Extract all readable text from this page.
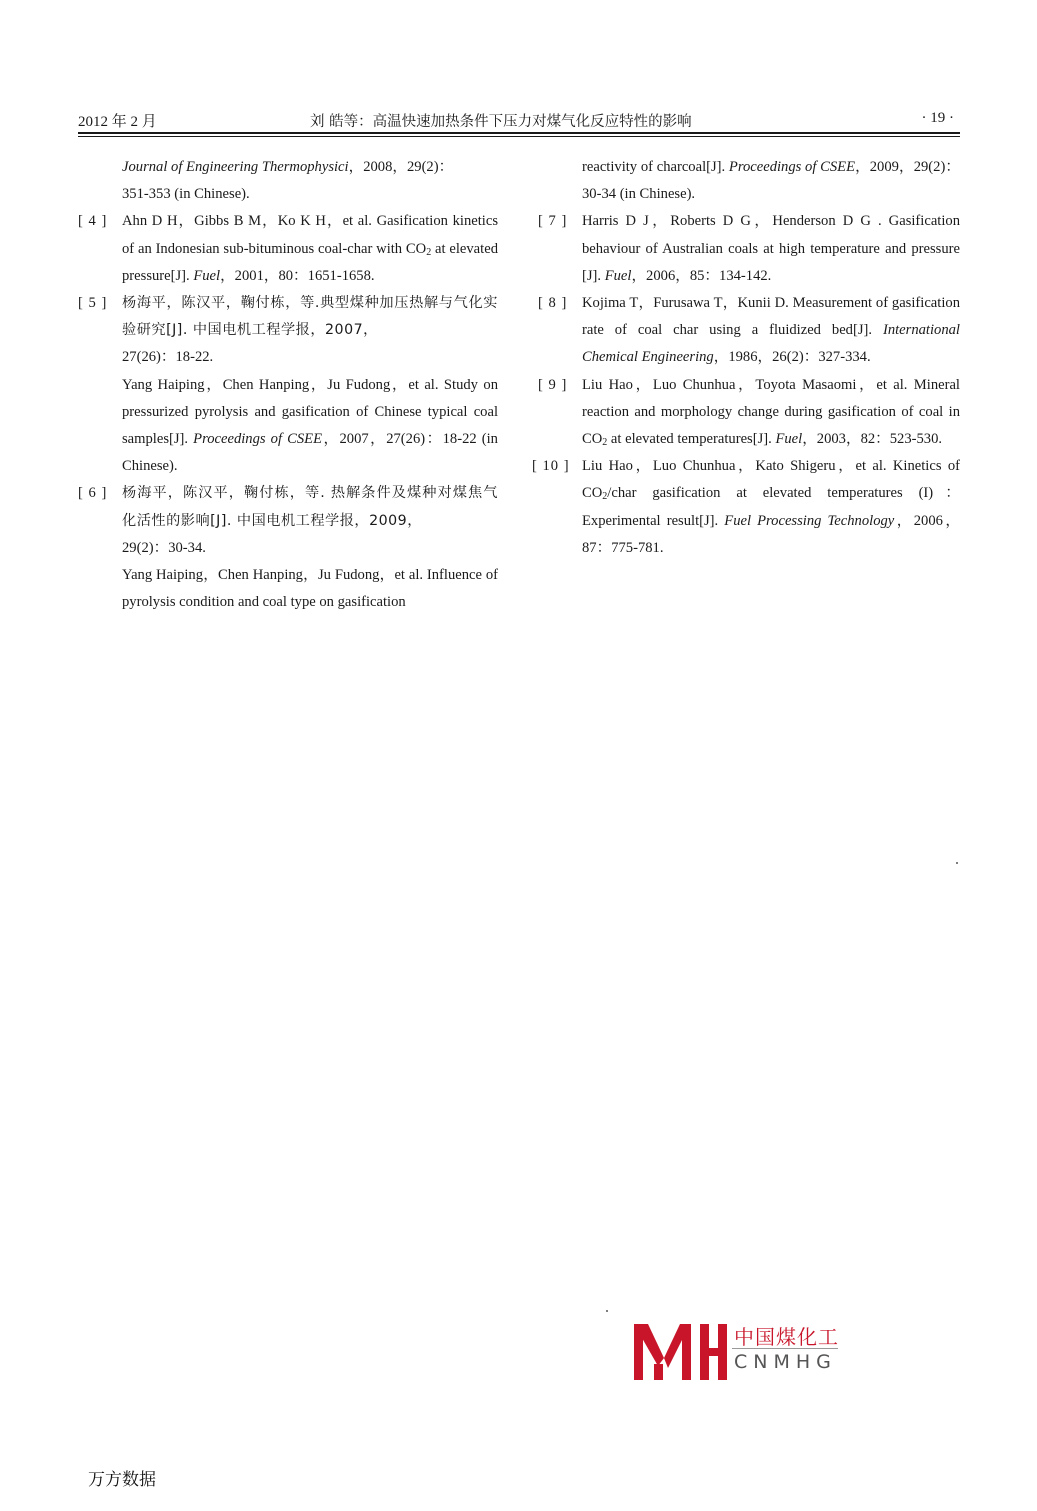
2012 年 2 月	刘 皓等：高温快速加热条件下压力对煤气化反应特性的影响	· 19 ·

Journal of Engineering Thermophysici，2008，29(2)：

351-353 (in Chinese).

[ 4 ] Ahn D H，Gibbs B M，Ko K H，et al. Gasification kinetics of an Indonesian sub-bituminous coal-char with $CO_2$ at elevated pressure[J]. Fuel，2001，80：1651-1658.

[ 5 ] 杨海平，陈汉平，鞠付栋，等.典型煤种加压热解与气化实验研究[J]. 中国电机工程学报，2007，

27(26)：18-22.

Yang Haiping，Chen Hanping，Ju Fudong，et al. Study on pressurized pyrolysis and gasification of Chinese typical coal samples[J]. Proceedings of CSEE，2007，27(26)：18-22 (in Chinese).

[ 6 ] 杨海平，陈汉平，鞠付栋，等. 热解条件及煤种对煤焦气化活性的影响[J]. 中国电机工程学报，2009，

29(2)：30-34.

Yang Haiping，Chen Hanping，Ju Fudong，et al. Influence of pyrolysis condition and coal type on gasification

reactivity of charcoal[J]. Proceedings of CSEE，2009，29(2)：30-34 (in Chinese).

[ 7 ] Harris D J，Roberts D G，Henderson D G . Gasification behaviour of Australian coals at high temperature and pressure [J]. Fuel，2006，85：134-142.

[ 8 ] Kojima T，Furusawa T，Kunii D. Measurement of gasification rate of coal char using a fluidized bed[J]. International Chemical Engineering，1986，26(2)：327-334.

[ 9 ] Liu Hao，Luo Chunhua，Toyota Masaomi，et al. Mineral reaction and morphology change during gasification of coal in $CO_2$ at elevated temperatures[J]. Fuel，2003，82：523-530.

[ 10 ] Liu Hao，Luo Chunhua，Kato Shigeru，et al. Kinetics of $CO_2$/char gasification at elevated temperatures (I)：Experimental result[J]. Fuel Processing Technology，2006，87：775-781.

中国煤化工
CNMHG
万方数据
